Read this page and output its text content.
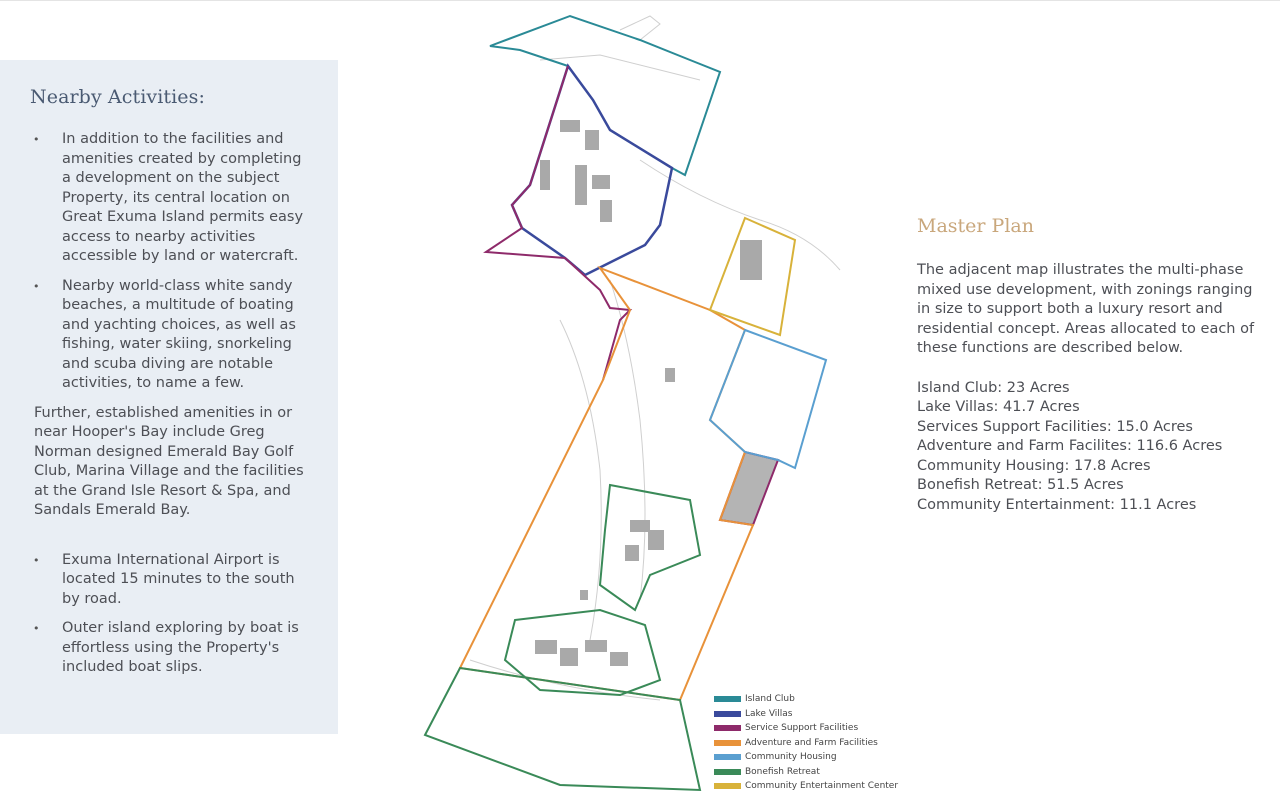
Nearby Activities:
• In addition to the facilities and amenities created by completing a development on the subject Property, its central location on Great Exuma Island permits easy access to nearby activities accessible by land or watercraft.
• Nearby world-class white sandy beaches, a multitude of boating and yachting choices, as well as fishing, water skiing, snorkeling and scuba diving are notable activities, to name a few.

Further, established amenities in or near Hooper's Bay include Greg Norman designed Emerald Bay Golf Club, Marina Village and the facilities at the Grand Isle Resort & Spa, and Sandals Emerald Bay.

• Exuma International Airport is located 15 minutes to the south by road.
• Outer island exploring by boat is effortless using the Property's included boat slips.
Island Club
Lake Villas
Service Support Facilities
Adventure and Farm Facilities
Community Housing
Bonefish Retreat
Community Entertainment Center
Master Plan

The adjacent map illustrates the multi-phase mixed use development, with zonings ranging in size to support both a luxury resort and residential concept. Areas allocated to each of these functions are described below.

Island Club: 23 Acres
Lake Villas: 41.7 Acres
Services Support Facilities: 15.0 Acres
Adventure and Farm Facilites: 116.6 Acres
Community Housing: 17.8 Acres
Bonefish Retreat: 51.5 Acres
Community Entertainment: 11.1 Acres
